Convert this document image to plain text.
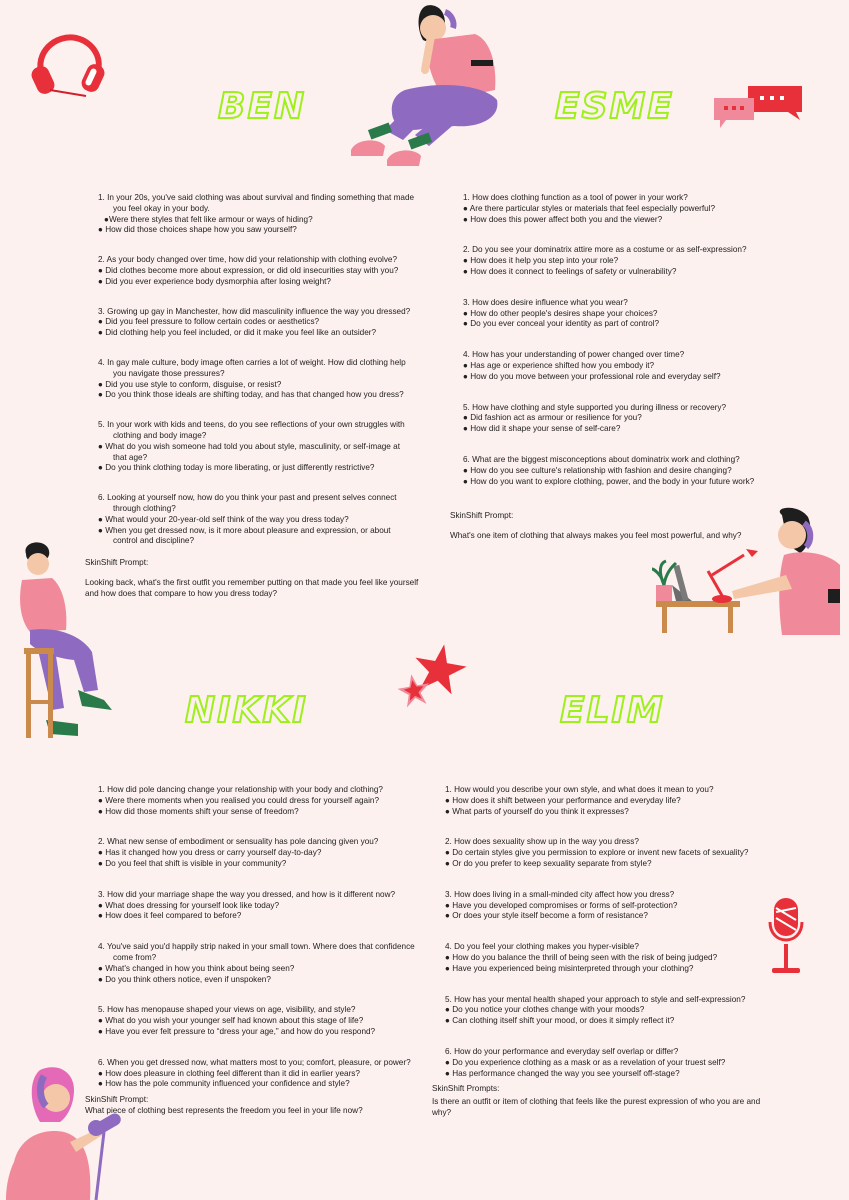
BEN	ESME
NIKKI	ELIM
1. In your 20s, you've said clothing was about survival and finding something that made
you feel okay in your body.
●Were there styles that felt like armour or ways of hiding?
● How did those choices shape how you saw yourself?
2. As your body changed over time, how did your relationship with clothing evolve?
● Did clothes become more about expression, or did old insecurities stay with you?
● Did you ever experience body dysmorphia after losing weight?
3. Growing up gay in Manchester, how did masculinity influence the way you dressed?
● Did you feel pressure to follow certain codes or aesthetics?
● Did clothing help you feel included, or did it make you feel like an outsider?
4. In gay male culture, body image often carries a lot of weight. How did clothing help
you navigate those pressures?
● Did you use style to conform, disguise, or resist?
● Do you think those ideals are shifting today, and has that changed how you dress?
5. In your work with kids and teens, do you see reflections of your own struggles with
clothing and body image?
● What do you wish someone had told you about style, masculinity, or self-image at
that age?
● Do you think clothing today is more liberating, or just differently restrictive?
6. Looking at yourself now, how do you think your past and present selves connect
through clothing?
● What would your 20-year-old self think of the way you dress today?
● When you get dressed now, is it more about pleasure and expression, or about
control and discipline?
SkinShift Prompt:
Looking back, what's the first outfit you remember putting on that made you feel like yourself
and how does that compare to how you dress today?
1. How does clothing function as a tool of power in your work?
● Are there particular styles or materials that feel especially powerful?
● How does this power affect both you and the viewer?
2. Do you see your dominatrix attire more as a costume or as self-expression?
● How does it help you step into your role?
● How does it connect to feelings of safety or vulnerability?
3. How does desire influence what you wear?
● How do other people's desires shape your choices?
● Do you ever conceal your identity as part of control?
4. How has your understanding of power changed over time?
● Has age or experience shifted how you embody it?
● How do you move between your professional role and everyday self?
5. How have clothing and style supported you during illness or recovery?
● Did fashion act as armour or resilience for you?
● How did it shape your sense of self-care?
6. What are the biggest misconceptions about dominatrix work and clothing?
● How do you see culture's relationship with fashion and desire changing?
● How do you want to explore clothing, power, and the body in your future work?
SkinShift Prompt:
What's one item of clothing that always makes you feel most powerful, and why?
1. How did pole dancing change your relationship with your body and clothing?
● Were there moments when you realised you could dress for yourself again?
● How did those moments shift your sense of freedom?
2. What new sense of embodiment or sensuality has pole dancing given you?
● Has it changed how you dress or carry yourself day-to-day?
● Do you feel that shift is visible in your community?
3. How did your marriage shape the way you dressed, and how is it different now?
● What does dressing for yourself look like today?
● How does it feel compared to before?
4. You've said you'd happily strip naked in your small town. Where does that confidence
come from?
● What's changed in how you think about being seen?
● Do you think others notice, even if unspoken?
5. How has menopause shaped your views on age, visibility, and style?
● What do you wish your younger self had known about this stage of life?
● Have you ever felt pressure to “dress your age,” and how do you respond?
6. When you get dressed now, what matters most to you; comfort, pleasure, or power?
● How does pleasure in clothing feel different than it did in earlier years?
● How has the pole community influenced your confidence and style?
SkinShift Prompt:
What piece of clothing best represents the freedom you feel in your life now?
1. How would you describe your own style, and what does it mean to you?
● How does it shift between your performance and everyday life?
● What parts of yourself do you think it expresses?
2. How does sexuality show up in the way you dress?
● Do certain styles give you permission to explore or invent new facets of sexuality?
● Or do you prefer to keep sexuality separate from style?
3. How does living in a small-minded city affect how you dress?
● Have you developed compromises or forms of self-protection?
● Or does your style itself become a form of resistance?
4. Do you feel your clothing makes you hyper-visible?
● How do you balance the thrill of being seen with the risk of being judged?
● Have you experienced being misinterpreted through your clothing?
5. How has your mental health shaped your approach to style and self-expression?
● Do you notice your clothes change with your moods?
● Can clothing itself shift your mood, or does it simply reflect it?
6. How do your performance and everyday self overlap or differ?
● Do you experience clothing as a mask or as a revelation of your truest self?
● Has performance changed the way you see yourself off-stage?
SkinShift Prompts:
Is there an outfit or item of clothing that feels like the purest expression of who you are and
why?
